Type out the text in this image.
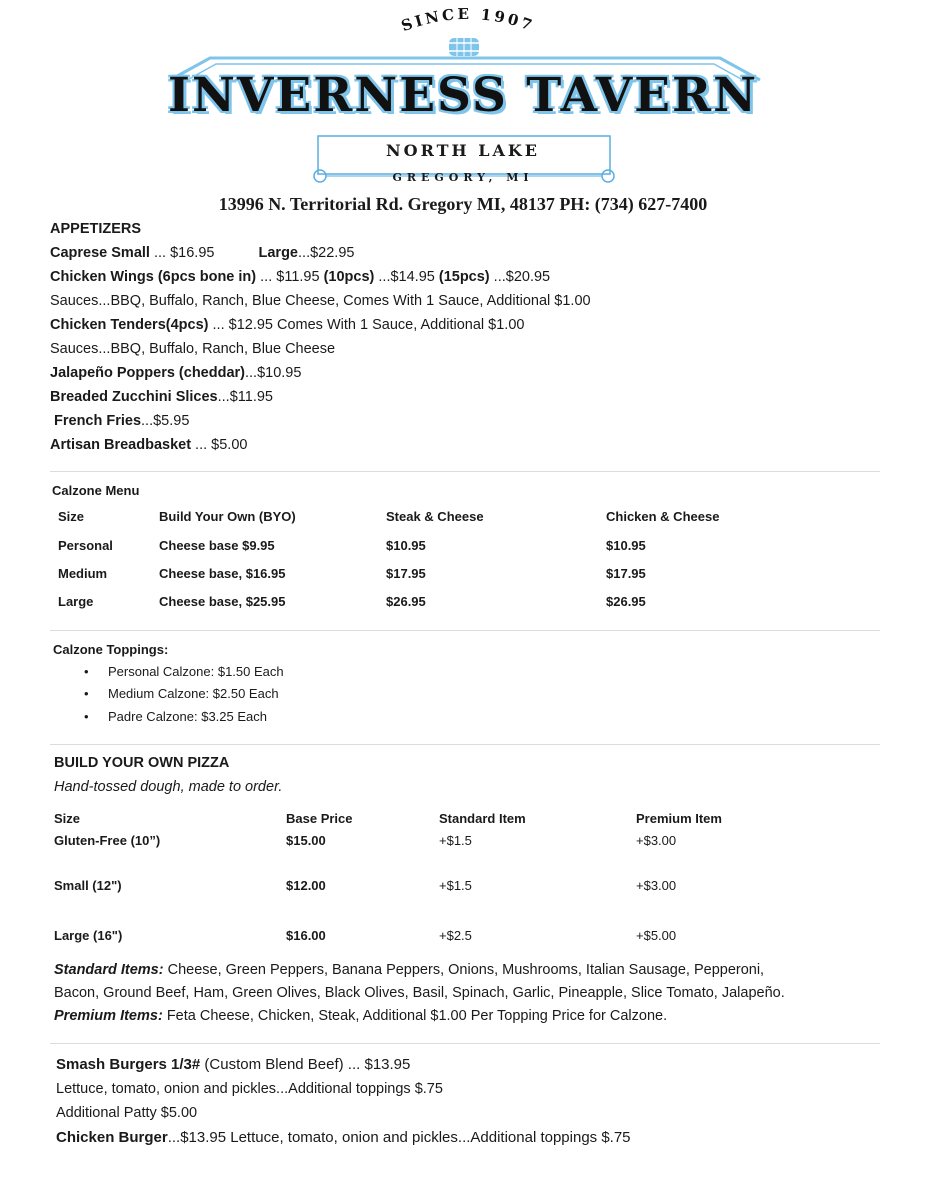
SINCE 1907
INVERNESS TAVERN
NORTH LAKE
GREGORY, MI
13996 N. Territorial Rd. Gregory MI, 48137 PH: (734) 627-7400
APPETIZERS
Caprese Small ... $16.95	Large...$22.95
Chicken Wings (6pcs bone in) ... $11.95 (10pcs) ...$14.95 (15pcs) ...$20.95
Sauces...BBQ, Buffalo, Ranch, Blue Cheese, Comes With 1 Sauce, Additional $1.00
Chicken Tenders(4pcs) ... $12.95 Comes With 1 Sauce, Additional $1.00
Sauces...BBQ, Buffalo, Ranch, Blue Cheese
Jalapeño Poppers (cheddar)...$10.95
Breaded Zucchini Slices...$11.95
French Fries...$5.95
Artisan Breadbasket ... $5.00
Calzone Menu
Size	Build Your Own (BYO)	Steak & Cheese	Chicken & Cheese
Personal	Cheese base $9.95	$10.95	$10.95
Medium	Cheese base, $16.95	$17.95	$17.95
Large	Cheese base, $25.95	$26.95	$26.95
Calzone Toppings:
• Personal Calzone: $1.50 Each
• Medium Calzone: $2.50 Each
• Padre Calzone: $3.25 Each
BUILD YOUR OWN PIZZA
Hand-tossed dough, made to order.
Size	Base Price	Standard Item	Premium Item
Gluten-Free (10”)	$15.00	+$1.5	+$3.00
Small (12")	$12.00	+$1.5	+$3.00
Large (16")	$16.00	+$2.5	+$5.00
Standard Items: Cheese, Green Peppers, Banana Peppers, Onions, Mushrooms, Italian Sausage, Pepperoni,
Bacon, Ground Beef, Ham, Green Olives, Black Olives, Basil, Spinach, Garlic, Pineapple, Slice Tomato, Jalapeño.
Premium Items: Feta Cheese, Chicken, Steak, Additional $1.00 Per Topping Price for Calzone.
Smash Burgers 1/3# (Custom Blend Beef) ... $13.95
Lettuce, tomato, onion and pickles...Additional toppings $.75
Additional Patty $5.00
Chicken Burger...$13.95 Lettuce, tomato, onion and pickles...Additional toppings $.75
